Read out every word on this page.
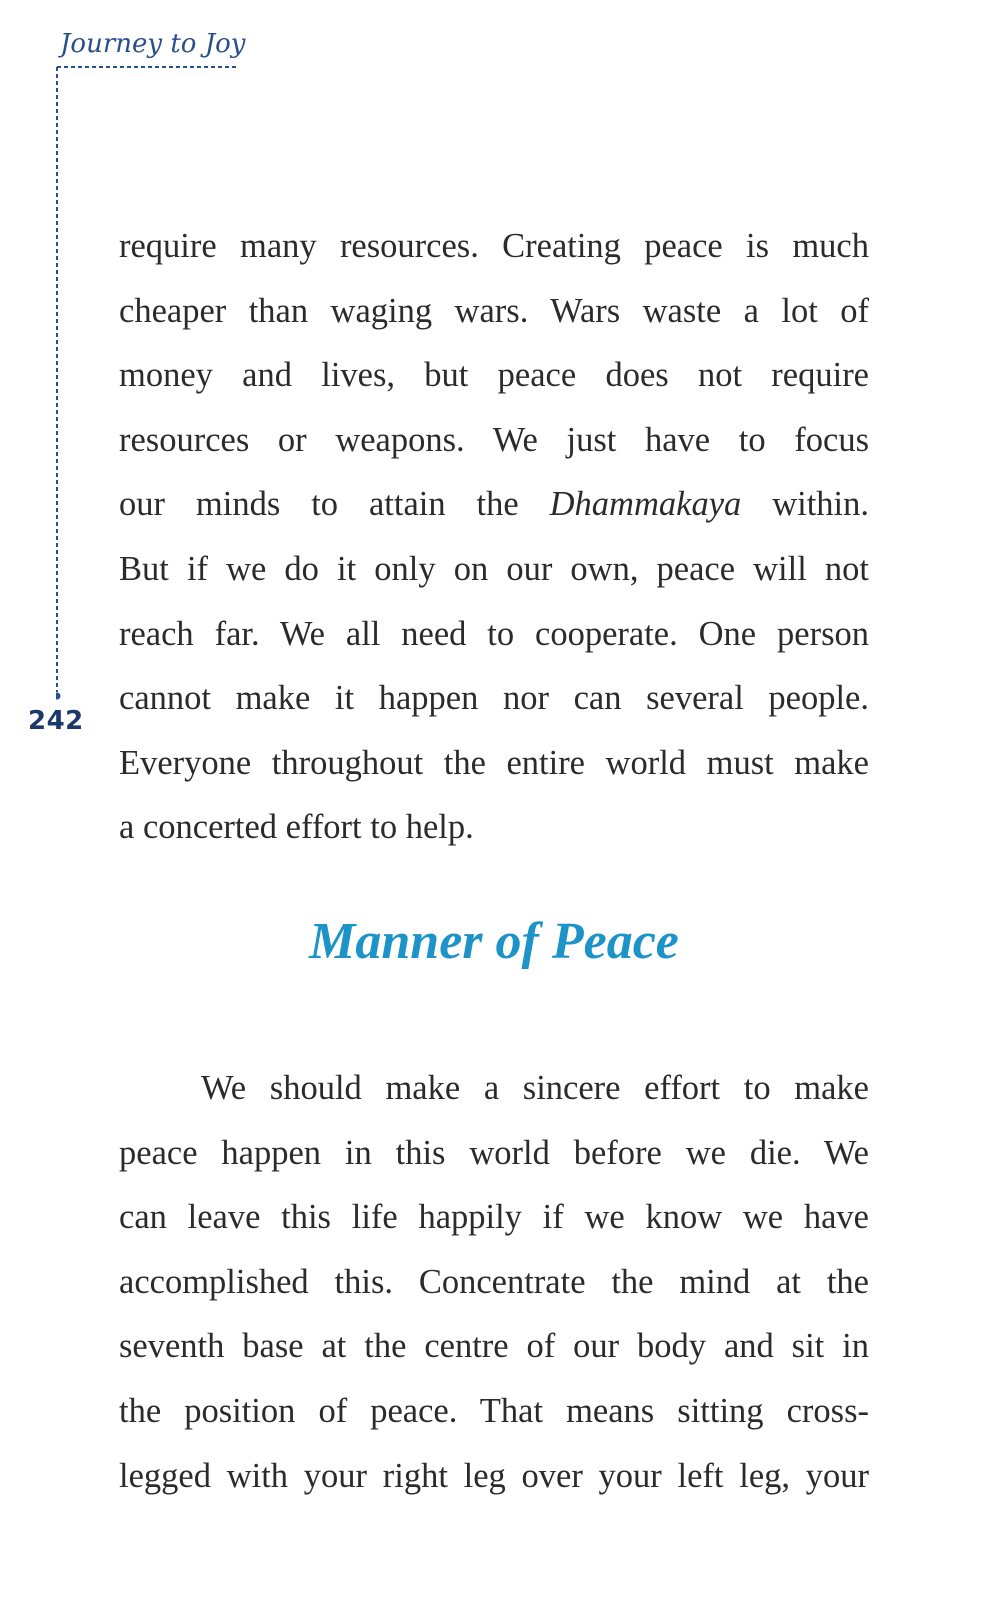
Journey to Joy
242
require many resources. Creating peace is much
cheaper than waging wars. Wars waste a lot of
money and lives, but peace does not require
resources or weapons. We just have to focus
our minds to attain the Dhammakaya within.
But if we do it only on our own, peace will not
reach far. We all need to cooperate. One person
cannot make it happen nor can several people.
Everyone throughout the entire world must make
a concerted effort to help.
Manner of Peace
We should make a sincere effort to make
peace happen in this world before we die. We
can leave this life happily if we know we have
accomplished this. Concentrate the mind at the
seventh base at the centre of our body and sit in
the position of peace. That means sitting cross-
legged with your right leg over your left leg, your
